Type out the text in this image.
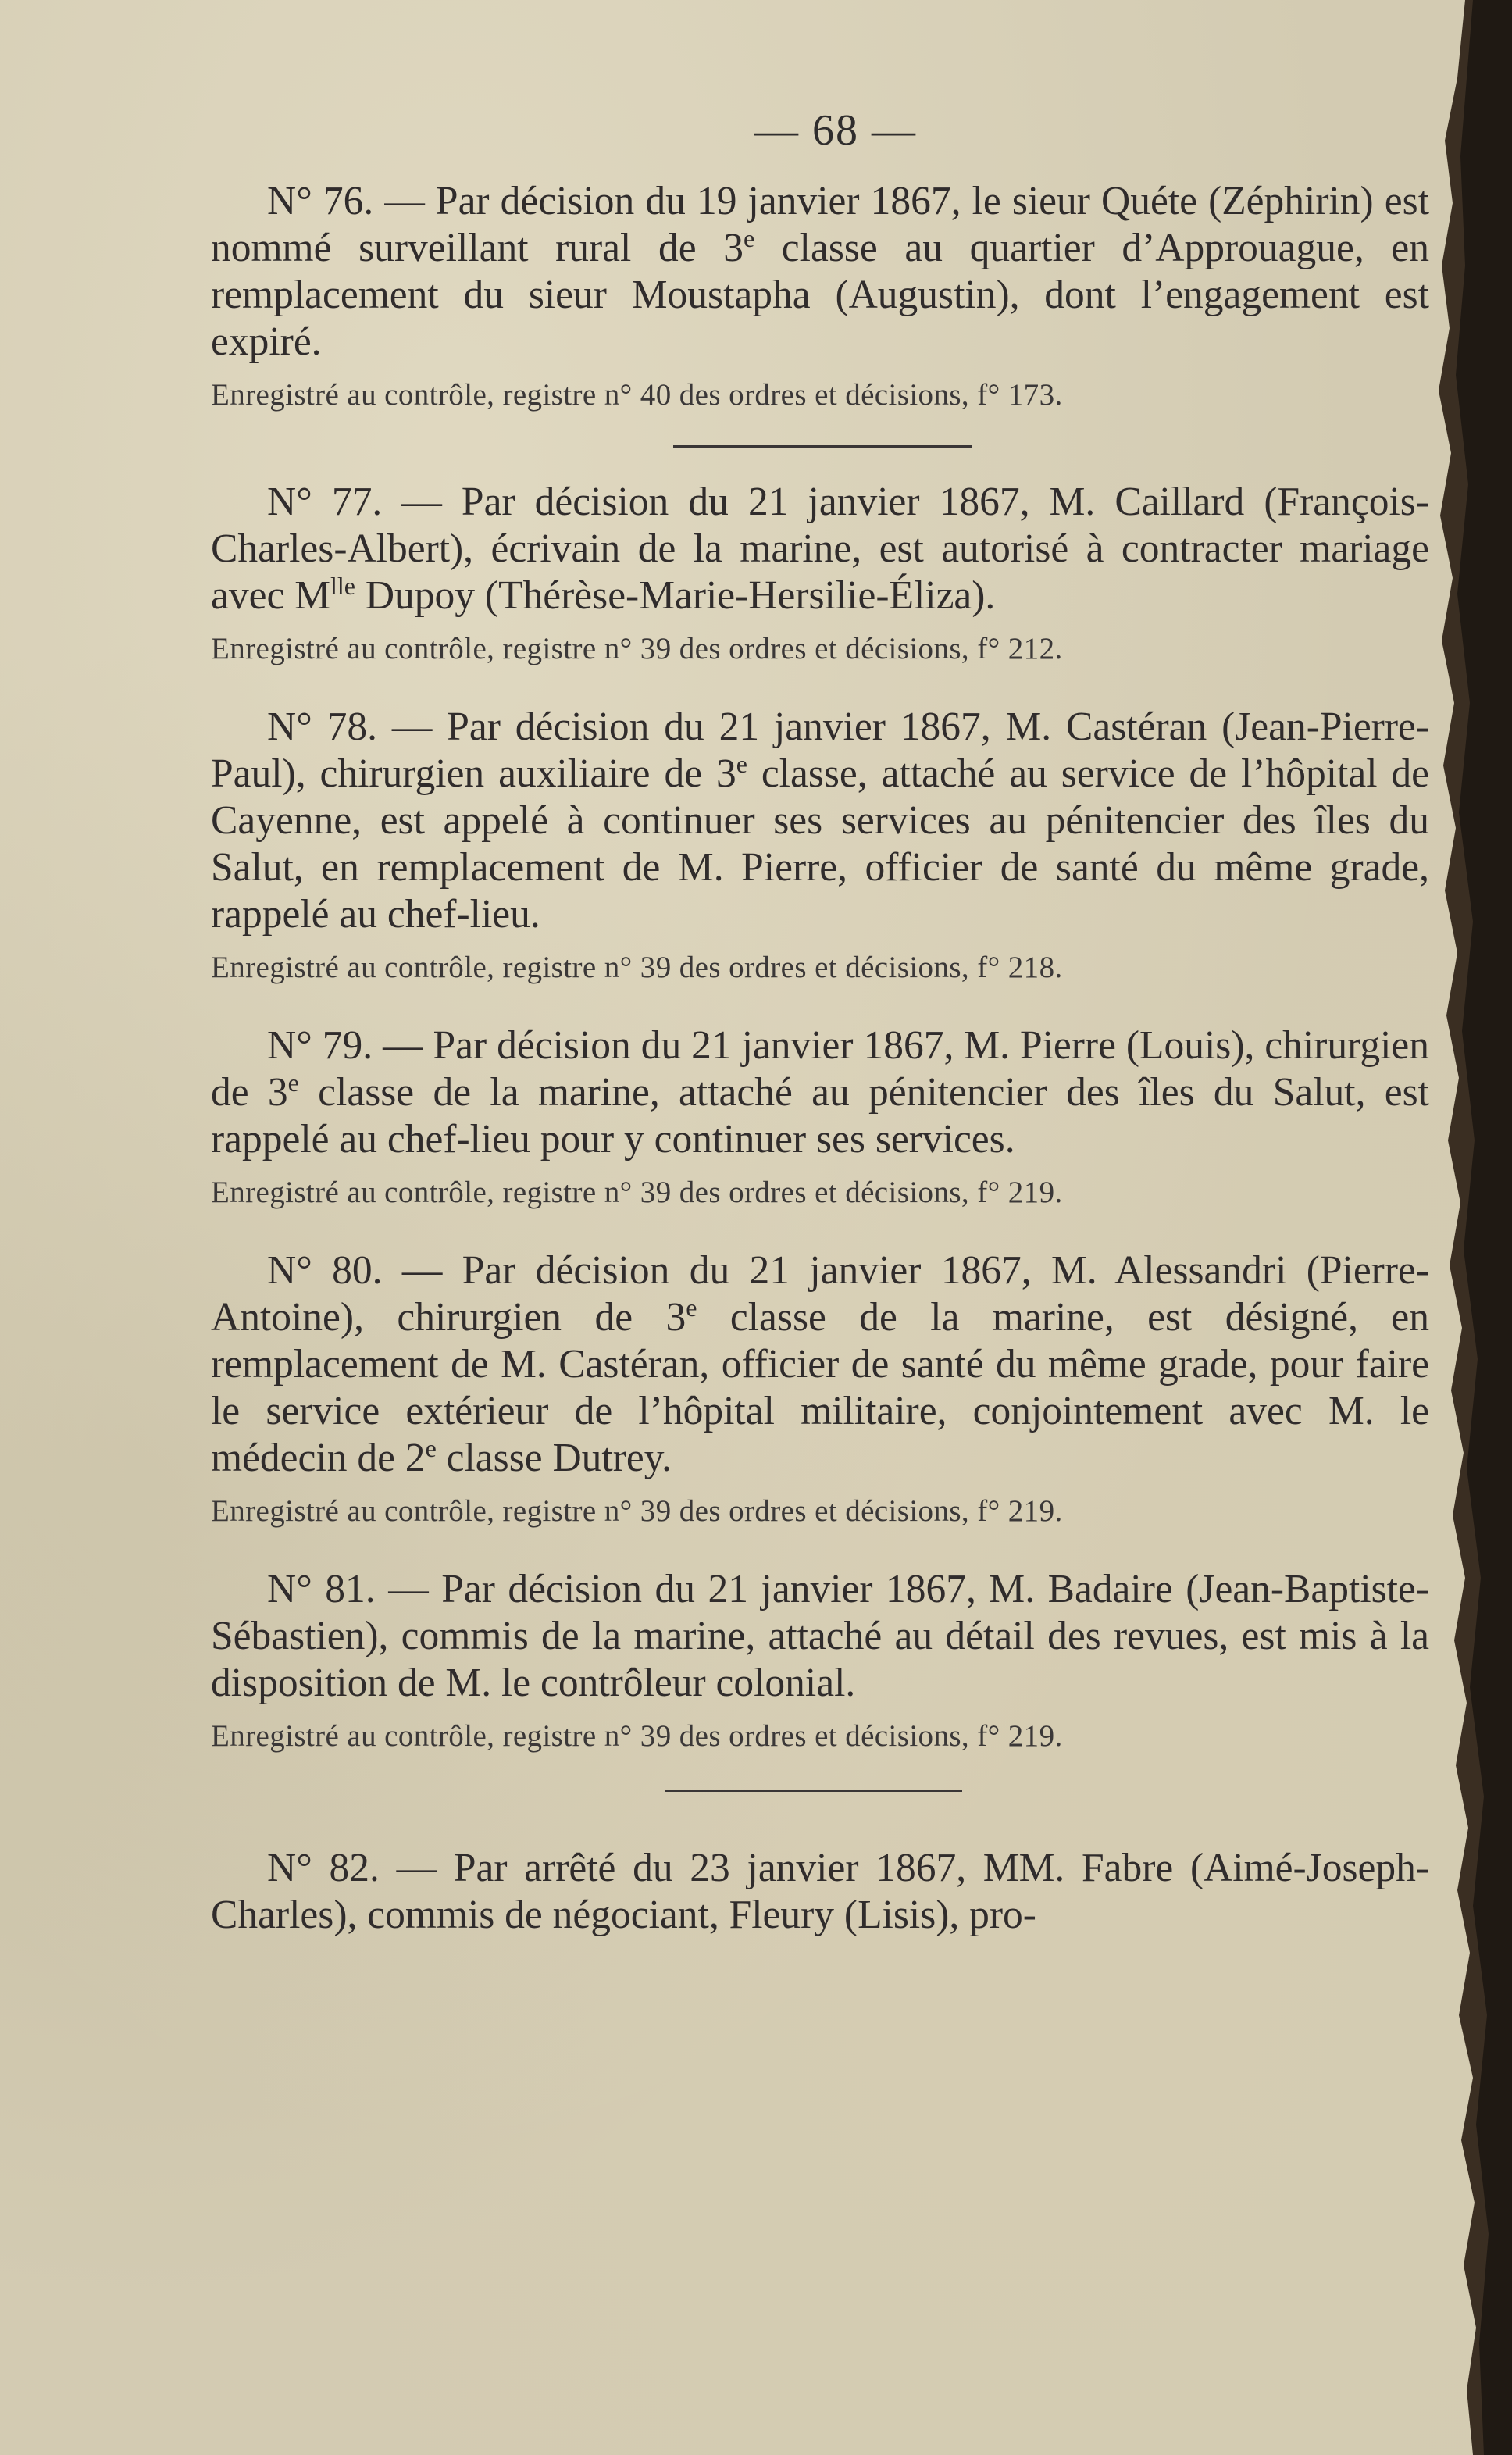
— 68 —

N° 76. — Par décision du 19 janvier 1867, le sieur Quéte (Zéphirin) est nommé surveillant rural de 3e classe au quartier d’Approuague, en remplacement du sieur Moustapha (Augustin), dont l’engagement est expiré.

Enregistré au contrôle, registre n° 40 des ordres et décisions, f° 173.

N° 77. — Par décision du 21 janvier 1867, M. Caillard (François-Charles-Albert), écrivain de la marine, est autorisé à contracter mariage avec $M^{lle}$ Dupoy (Thérèse-Marie-Hersilie-Éliza).

Enregistré au contrôle, registre n° 39 des ordres et décisions, f° 212.

N° 78. — Par décision du 21 janvier 1867, M. Castéran (Jean-Pierre-Paul), chirurgien auxiliaire de 3e classe, attaché au service de l’hôpital de Cayenne, est appelé à continuer ses services au pénitencier des îles du Salut, en remplacement de M. Pierre, officier de santé du même grade, rappelé au chef-lieu.

Enregistré au contrôle, registre n° 39 des ordres et décisions, f° 218.

N° 79. — Par décision du 21 janvier 1867, M. Pierre (Louis), chirurgien de 3e classe de la marine, attaché au pénitencier des îles du Salut, est rappelé au chef-lieu pour y continuer ses services.

Enregistré au contrôle, registre n° 39 des ordres et décisions, f° 219.

N° 80. — Par décision du 21 janvier 1867, M. Alessandri (Pierre-Antoine), chirurgien de 3e classe de la marine, est désigné, en remplacement de M. Castéran, officier de santé du même grade, pour faire le service extérieur de l’hôpital militaire, conjointement avec M. le médecin de 2e classe Dutrey.

Enregistré au contrôle, registre n° 39 des ordres et décisions, f° 219.

N° 81. — Par décision du 21 janvier 1867, M. Badaire (Jean-Baptiste-Sébastien), commis de la marine, attaché au détail des revues, est mis à la disposition de M. le contrôleur colonial.

Enregistré au contrôle, registre n° 39 des ordres et décisions, f° 219.

N° 82. — Par arrêté du 23 janvier 1867, MM. Fabre (Aimé-Joseph-Charles), commis de négociant, Fleury (Lisis), pro-
